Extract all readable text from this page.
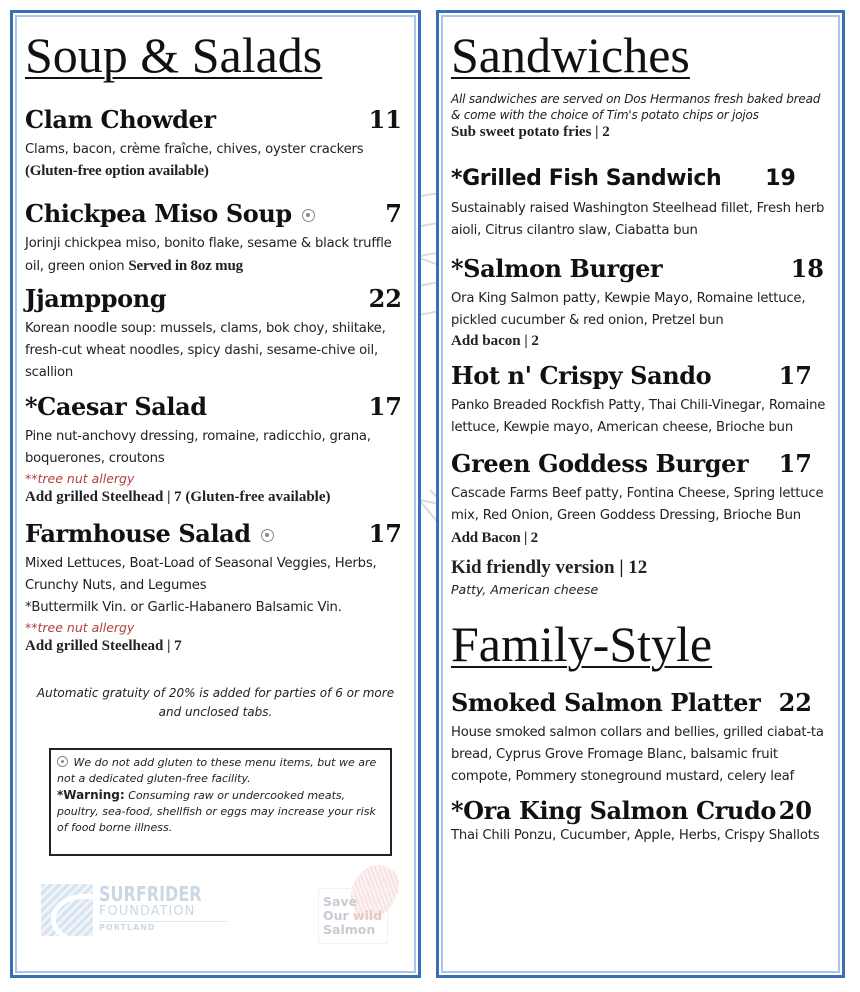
Soup & Salads
Clam Chowder	11
Clams, bacon, crème fraîche, chives, oyster crackers
(Gluten-free option available)
Chickpea Miso Soup	7
Jorinji chickpea miso, bonito flake, sesame & black truffle oil, green onion Served in 8oz mug
Jjamppong	22
Korean noodle soup: mussels, clams, bok choy, shiitake, fresh-cut wheat noodles, spicy dashi, sesame-chive oil, scallion
*Caesar Salad	17
Pine nut-anchovy dressing, romaine, radicchio, grana, boquerones, croutons
**tree nut allergy
Add grilled Steelhead | 7 (Gluten-free available)
Farmhouse Salad	17
Mixed Lettuces, Boat-Load of Seasonal Veggies, Herbs, Crunchy Nuts, and Legumes
*Buttermilk Vin. or Garlic-Habanero Balsamic Vin.
**tree nut allergy
Add grilled Steelhead | 7
Automatic gratuity of 20% is added for parties of 6 or more and unclosed tabs.
We do not add gluten to these menu items, but we are not a dedicated gluten-free facility.
*Warning: Consuming raw or undercooked meats, poultry, sea-food, shellfish or eggs may increase your risk of food borne illness.
SURFRIDER
FOUNDATION
PORTLAND
Save
Our wild
Salmon
Sandwiches
All sandwiches are served on Dos Hermanos fresh baked bread & come with the choice of Tim's potato chips or jojos
Sub sweet potato fries | 2
*Grilled Fish Sandwich 19
Sustainably raised Washington Steelhead fillet, Fresh herb aioli, Citrus cilantro slaw, Ciabatta bun
*Salmon Burger	18
Ora King Salmon patty, Kewpie Mayo, Romaine lettuce, pickled cucumber & red onion, Pretzel bun
Add bacon | 2
Hot n' Crispy Sando	17
Panko Breaded Rockfish Patty, Thai Chili-Vinegar, Romaine lettuce, Kewpie mayo, American cheese, Brioche bun
Green Goddess Burger 17
Cascade Farms Beef patty, Fontina Cheese, Spring lettuce mix, Red Onion, Green Goddess Dressing, Brioche BunAdd Bacon | 2
Kid friendly version | 12
Patty, American cheese
Family-Style
Smoked Salmon Platter 22
House smoked salmon collars and bellies, grilled ciabat-ta bread, Cyprus Grove Fromage Blanc, balsamic fruit compote, Pommery stoneground mustard, celery leaf
*Ora King Salmon Crudo 20
Thai Chili Ponzu, Cucumber, Apple, Herbs, Crispy Shallots
